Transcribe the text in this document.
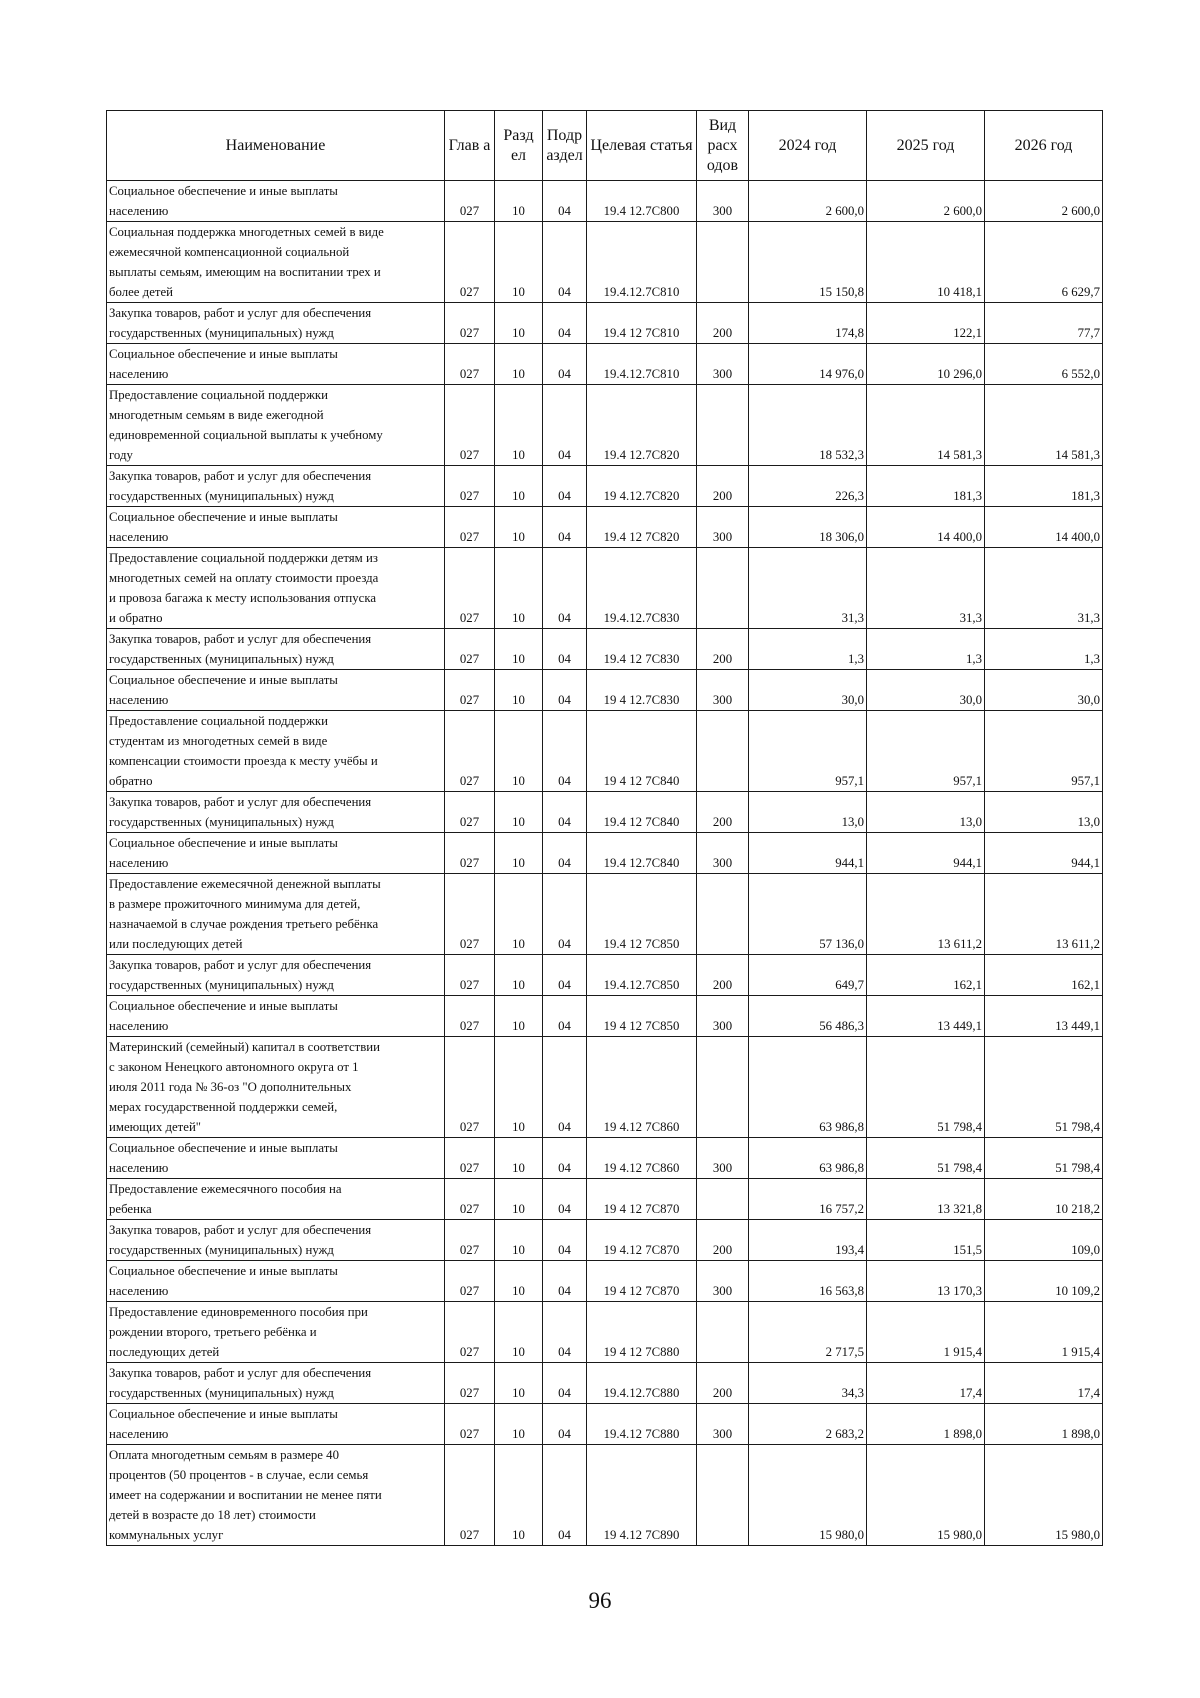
Наименование	Глав а	Разд ел	Подр аздел	Целевая статья	Вид расх одов	2024 год	2025 год	2026 год
Социальное обеспечение и иные выплаты
населению	027	10	04	19.4 12.7С800	300	2 600,0	2 600,0	2 600,0
Социальная поддержка многодетных семей в виде
ежемесячной компенсационной социальной
выплаты семьям, имеющим на воспитании трех и
более детей	027	10	04	19.4.12.7С810		15 150,8	10 418,1	6 629,7
Закупка товаров, работ и услуг для обеспечения
государственных (муниципальных) нужд	027	10	04	19.4 12 7С810	200	174,8	122,1	77,7
Социальное обеспечение и иные выплаты
населению	027	10	04	19.4.12.7С810	300	14 976,0	10 296,0	6 552,0
Предоставление социальной поддержки
многодетным семьям в виде ежегодной
единовременной социальной выплаты к учебному
году	027	10	04	19.4 12.7С820		18 532,3	14 581,3	14 581,3
Закупка товаров, работ и услуг для обеспечения
государственных (муниципальных) нужд	027	10	04	19 4.12.7С820	200	226,3	181,3	181,3
Социальное обеспечение и иные выплаты
населению	027	10	04	19.4 12 7С820	300	18 306,0	14 400,0	14 400,0
Предоставление социальной поддержки детям из
многодетных семей на оплату стоимости проезда
и провоза багажа к месту использования отпуска
и обратно	027	10	04	19.4.12.7С830		31,3	31,3	31,3
Закупка товаров, работ и услуг для обеспечения
государственных (муниципальных) нужд	027	10	04	19.4 12 7С830	200	1,3	1,3	1,3
Социальное обеспечение и иные выплаты
населению	027	10	04	19 4 12.7С830	300	30,0	30,0	30,0
Предоставление социальной поддержки
студентам из многодетных семей в виде
компенсации стоимости проезда к месту учёбы и
обратно	027	10	04	19 4 12 7С840		957,1	957,1	957,1
Закупка товаров, работ и услуг для обеспечения
государственных (муниципальных) нужд	027	10	04	19.4 12 7С840	200	13,0	13,0	13,0
Социальное обеспечение и иные выплаты
населению	027	10	04	19.4 12.7С840	300	944,1	944,1	944,1
Предоставление ежемесячной денежной выплаты
в размере прожиточного минимума для детей,
назначаемой в случае рождения третьего ребёнка
или последующих детей	027	10	04	19.4 12 7С850		57 136,0	13 611,2	13 611,2
Закупка товаров, работ и услуг для обеспечения
государственных (муниципальных) нужд	027	10	04	19.4.12.7С850	200	649,7	162,1	162,1
Социальное обеспечение и иные выплаты
населению	027	10	04	19 4 12 7С850	300	56 486,3	13 449,1	13 449,1
Материнский (семейный) капитал в соответствии
с законом Ненецкого автономного округа от 1
июля 2011 года № 36-оз "О дополнительных
мерах государственной поддержки семей,
имеющих детей"	027	10	04	19 4.12 7С860		63 986,8	51 798,4	51 798,4
Социальное обеспечение и иные выплаты
населению	027	10	04	19 4.12 7С860	300	63 986,8	51 798,4	51 798,4
Предоставление ежемесячного пособия на
ребенка	027	10	04	19 4 12 7С870		16 757,2	13 321,8	10 218,2
Закупка товаров, работ и услуг для обеспечения
государственных (муниципальных) нужд	027	10	04	19 4.12 7С870	200	193,4	151,5	109,0
Социальное обеспечение и иные выплаты
населению	027	10	04	19 4 12 7С870	300	16 563,8	13 170,3	10 109,2
Предоставление единовременного пособия при
рождении второго, третьего ребёнка и
последующих детей	027	10	04	19 4 12 7С880		2 717,5	1 915,4	1 915,4
Закупка товаров, работ и услуг для обеспечения
государственных (муниципальных) нужд	027	10	04	19.4.12.7С880	200	34,3	17,4	17,4
Социальное обеспечение и иные выплаты
населению	027	10	04	19.4.12 7С880	300	2 683,2	1 898,0	1 898,0
Оплата многодетным семьям в размере 40
процентов (50 процентов - в случае, если семья
имеет на содержании и воспитании не менее пяти
детей в возрасте до 18 лет) стоимости
коммунальных услуг	027	10	04	19 4.12 7С890		15 980,0	15 980,0	15 980,0
96
